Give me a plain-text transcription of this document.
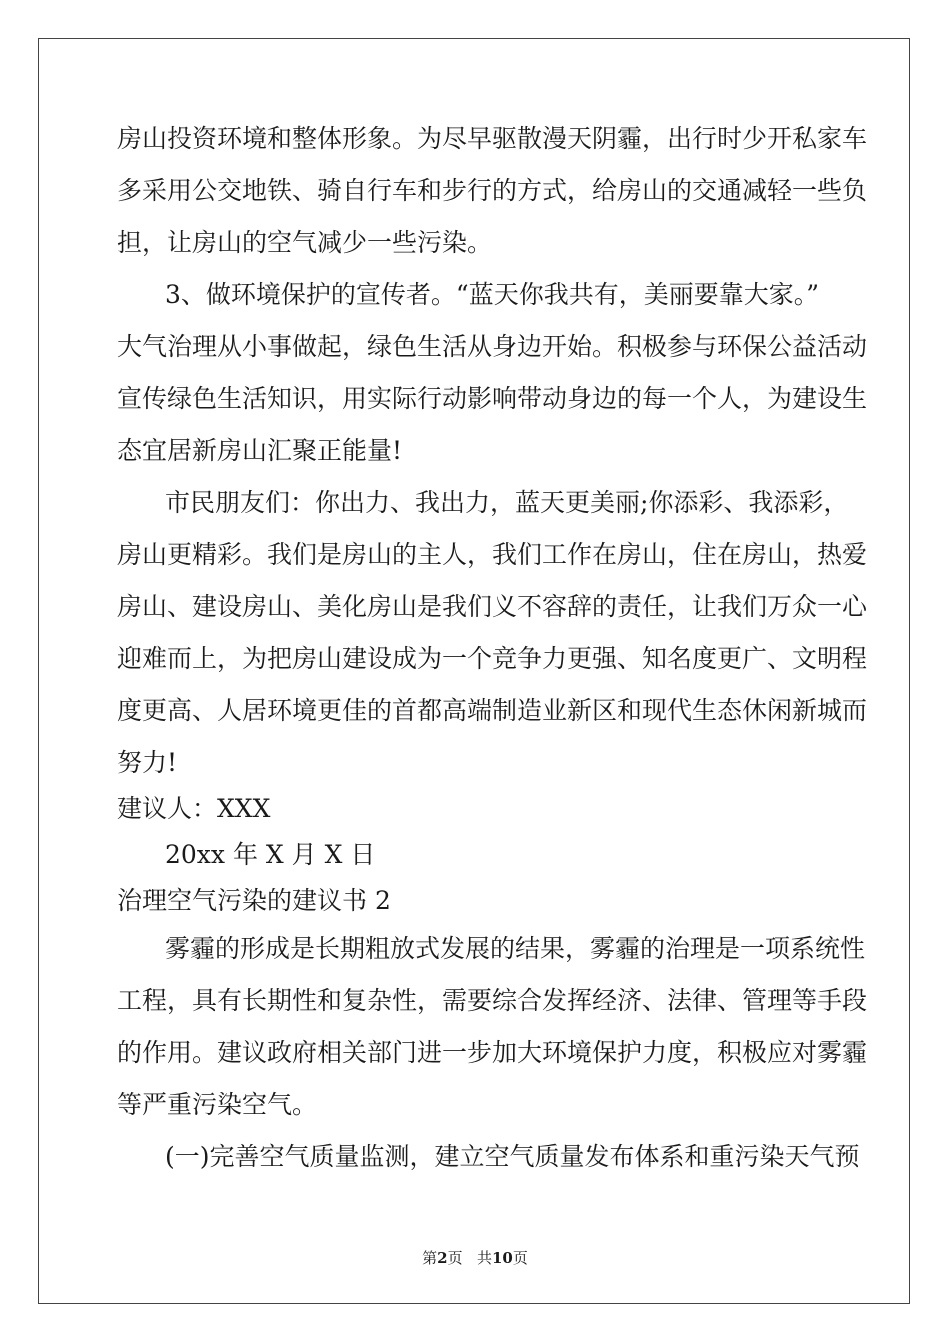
房山投资环境和整体形象。为尽早驱散漫天阴霾，出行时少开私家车
多采用公交地铁、骑自行车和步行的方式，给房山的交通减轻一些负
担，让房山的空气减少一些污染。
3、做环境保护的宣传者。“蓝天你我共有，美丽要靠大家。”
大气治理从小事做起，绿色生活从身边开始。积极参与环保公益活动
宣传绿色生活知识，用实际行动影响带动身边的每一个人，为建设生
态宜居新房山汇聚正能量!
市民朋友们：你出力、我出力，蓝天更美丽;你添彩、我添彩，
房山更精彩。我们是房山的主人，我们工作在房山，住在房山，热爱
房山、建设房山、美化房山是我们义不容辞的责任，让我们万众一心
迎难而上，为把房山建设成为一个竞争力更强、知名度更广、文明程
度更高、人居环境更佳的首都高端制造业新区和现代生态休闲新城而
努力!
建议人：XXX
20xx 年 X 月 X 日
治理空气污染的建议书 2
雾霾的形成是长期粗放式发展的结果，雾霾的治理是一项系统性
工程，具有长期性和复杂性，需要综合发挥经济、法律、管理等手段
的作用。建议政府相关部门进一步加大环境保护力度，积极应对雾霾
等严重污染空气。
(一)完善空气质量监测，建立空气质量发布体系和重污染天气预
第2页 共10页
